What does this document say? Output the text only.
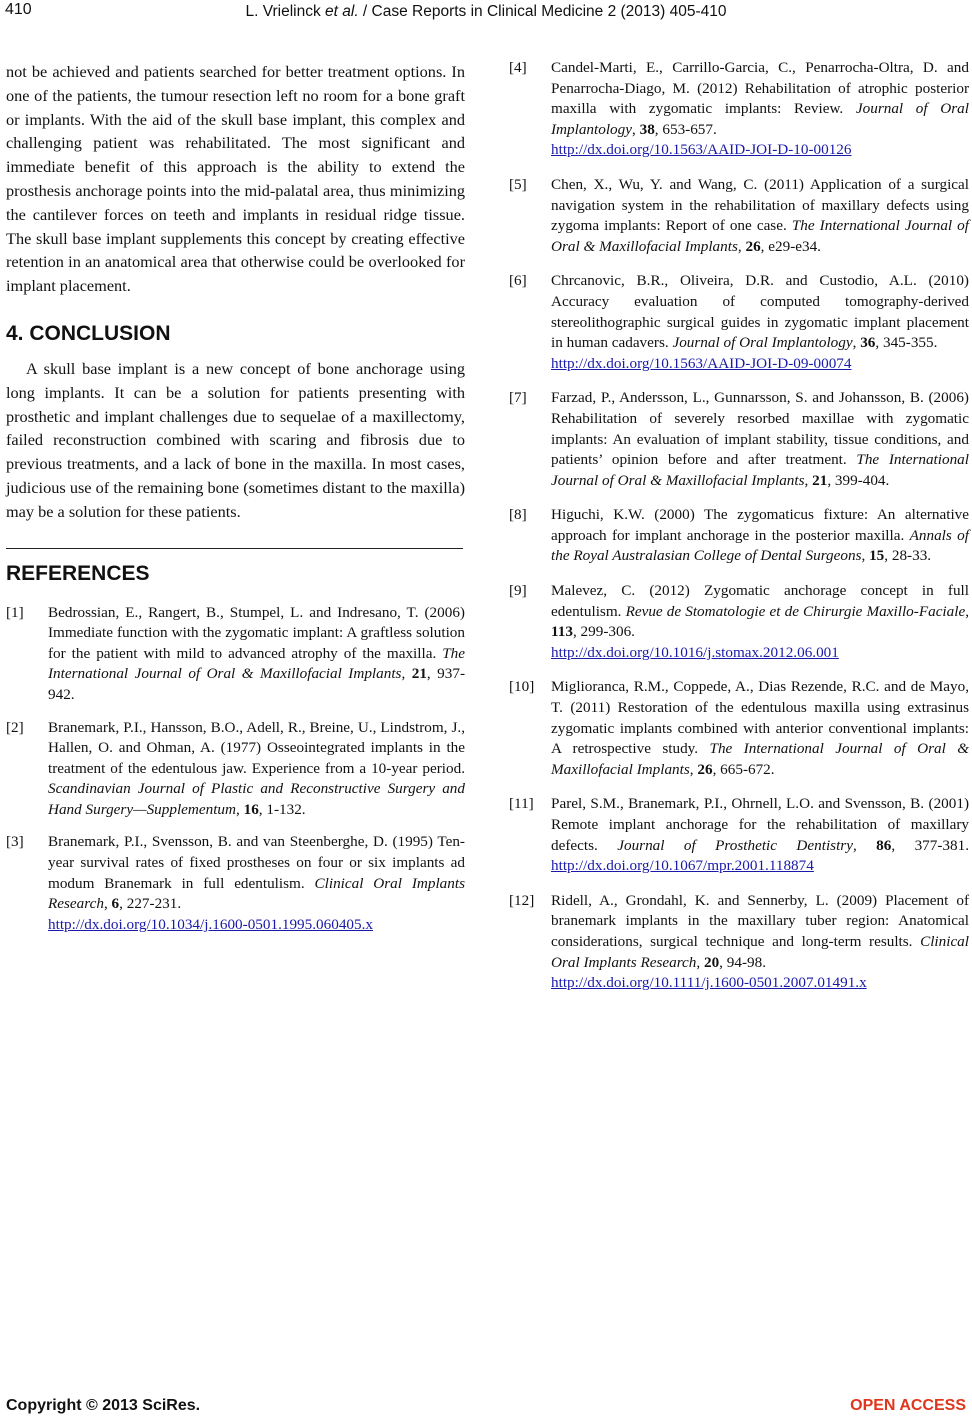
410	L. Vrielinck et al. / Case Reports in Clinical Medicine 2 (2013) 405-410

not be achieved and patients searched for better treatment options. In one of the patients, the tumour resection left no room for a bone graft or implants. With the aid of the skull base implant, this complex and challenging patient was rehabilitated. The most significant and immediate benefit of this approach is the ability to extend the prosthesis anchorage points into the mid-palatal area, thus minimizing the cantilever forces on teeth and implants in residual ridge tissue. The skull base implant supplements this concept by creating effective retention in an anatomical area that otherwise could be overlooked for implant placement.

4. CONCLUSION

A skull base implant is a new concept of bone anchorage using long implants. It can be a solution for patients presenting with prosthetic and implant challenges due to sequelae of a maxillectomy, failed reconstruction combined with scaring and fibrosis due to previous treatments, and a lack of bone in the maxilla. In most cases, judicious use of the remaining bone (sometimes distant to the maxilla) may be a solution for these patients.

REFERENCES

[1] Bedrossian, E., Rangert, B., Stumpel, L. and Indresano, T. (2006) Immediate function with the zygomatic implant: A graftless solution for the patient with mild to advanced atrophy of the maxilla. The International Journal of Oral & Maxillofacial Implants, 21, 937-942.

[2] Branemark, P.I., Hansson, B.O., Adell, R., Breine, U., Lindstrom, J., Hallen, O. and Ohman, A. (1977) Osseointegrated implants in the treatment of the edentulous jaw. Experience from a 10-year period. Scandinavian Journal of Plastic and Reconstructive Surgery and Hand Surgery—Supplementum, 16, 1-132.

[3] Branemark, P.I., Svensson, B. and van Steenberghe, D. (1995) Ten-year survival rates of fixed prostheses on four or six implants ad modum Branemark in full edentulism. Clinical Oral Implants Research, 6, 227-231.
http://dx.doi.org/10.1034/j.1600-0501.1995.060405.x

[4] Candel-Marti, E., Carrillo-Garcia, C., Penarrocha-Oltra, D. and Penarrocha-Diago, M. (2012) Rehabilitation of atrophic posterior maxilla with zygomatic implants: Review. Journal of Oral Implantology, 38, 653-657.
http://dx.doi.org/10.1563/AAID-JOI-D-10-00126

[5] Chen, X., Wu, Y. and Wang, C. (2011) Application of a surgical navigation system in the rehabilitation of maxillary defects using zygoma implants: Report of one case. The International Journal of Oral & Maxillofacial Implants, 26, e29-e34.

[6] Chrcanovic, B.R., Oliveira, D.R. and Custodio, A.L. (2010) Accuracy evaluation of computed tomography-derived stereolithographic surgical guides in zygomatic implant placement in human cadavers. Journal of Oral Implantology, 36, 345-355.
http://dx.doi.org/10.1563/AAID-JOI-D-09-00074

[7] Farzad, P., Andersson, L., Gunnarsson, S. and Johansson, B. (2006) Rehabilitation of severely resorbed maxillae with zygomatic implants: An evaluation of implant stability, tissue conditions, and patients’ opinion before and after treatment. The International Journal of Oral & Maxillofacial Implants, 21, 399-404.

[8] Higuchi, K.W. (2000) The zygomaticus fixture: An alternative approach for implant anchorage in the posterior maxilla. Annals of the Royal Australasian College of Dental Surgeons, 15, 28-33.

[9] Malevez, C. (2012) Zygomatic anchorage concept in full edentulism. Revue de Stomatologie et de Chirurgie Maxillo-Faciale, 113, 299-306.
http://dx.doi.org/10.1016/j.stomax.2012.06.001

[10] Miglioranca, R.M., Coppede, A., Dias Rezende, R.C. and de Mayo, T. (2011) Restoration of the edentulous maxilla using extrasinus zygomatic implants combined with anterior conventional implants: A retrospective study. The International Journal of Oral & Maxillofacial Implants, 26, 665-672.

[11] Parel, S.M., Branemark, P.I., Ohrnell, L.O. and Svensson, B. (2001) Remote implant anchorage for the rehabilitation of maxillary defects. Journal of Prosthetic Dentistry, 86, 377-381. http://dx.doi.org/10.1067/mpr.2001.118874

[12] Ridell, A., Grondahl, K. and Sennerby, L. (2009) Placement of branemark implants in the maxillary tuber region: Anatomical considerations, surgical technique and long-term results. Clinical Oral Implants Research, 20, 94-98.
http://dx.doi.org/10.1111/j.1600-0501.2007.01491.x

Copyright © 2013 SciRes.	OPEN ACCESS
